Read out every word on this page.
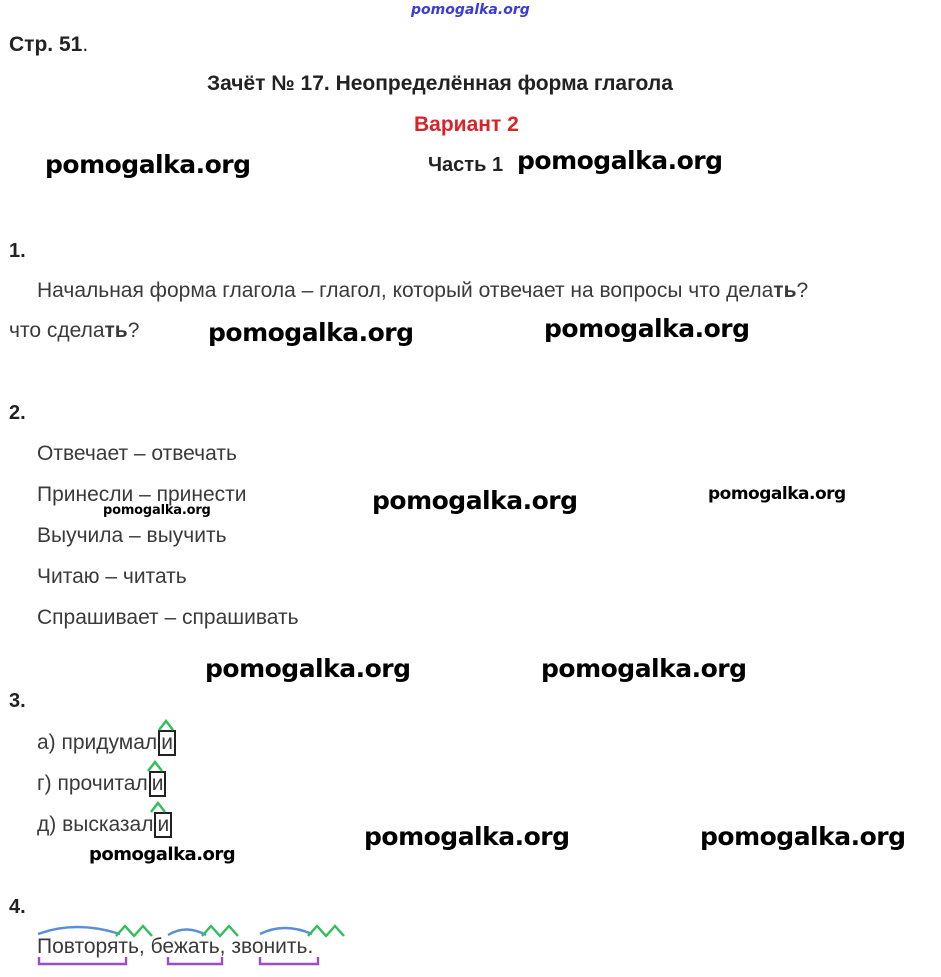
pomogalka.org
Стр. 51.
Зачёт № 17. Неопределённая форма глагола
Вариант 2
Часть 1
pomogalka.org	pomogalka.org
1.
Начальная форма глагола – глагол, который отвечает на вопросы что делать?
что сделать?	pomogalka.org	pomogalka.org
2.
Отвечает – отвечать
Принесли – принести
Выучила – выучить
Читаю – читать
Спрашивает – спрашивать
pomogalka.org	pomogalka.org	pomogalka.org
pomogalka.org	pomogalka.org
3.
а) придумал и
г) прочитал и
д) высказал и
pomogalka.org
pomogalka.org	pomogalka.org
4.
Повторять, бежать, звонить.
